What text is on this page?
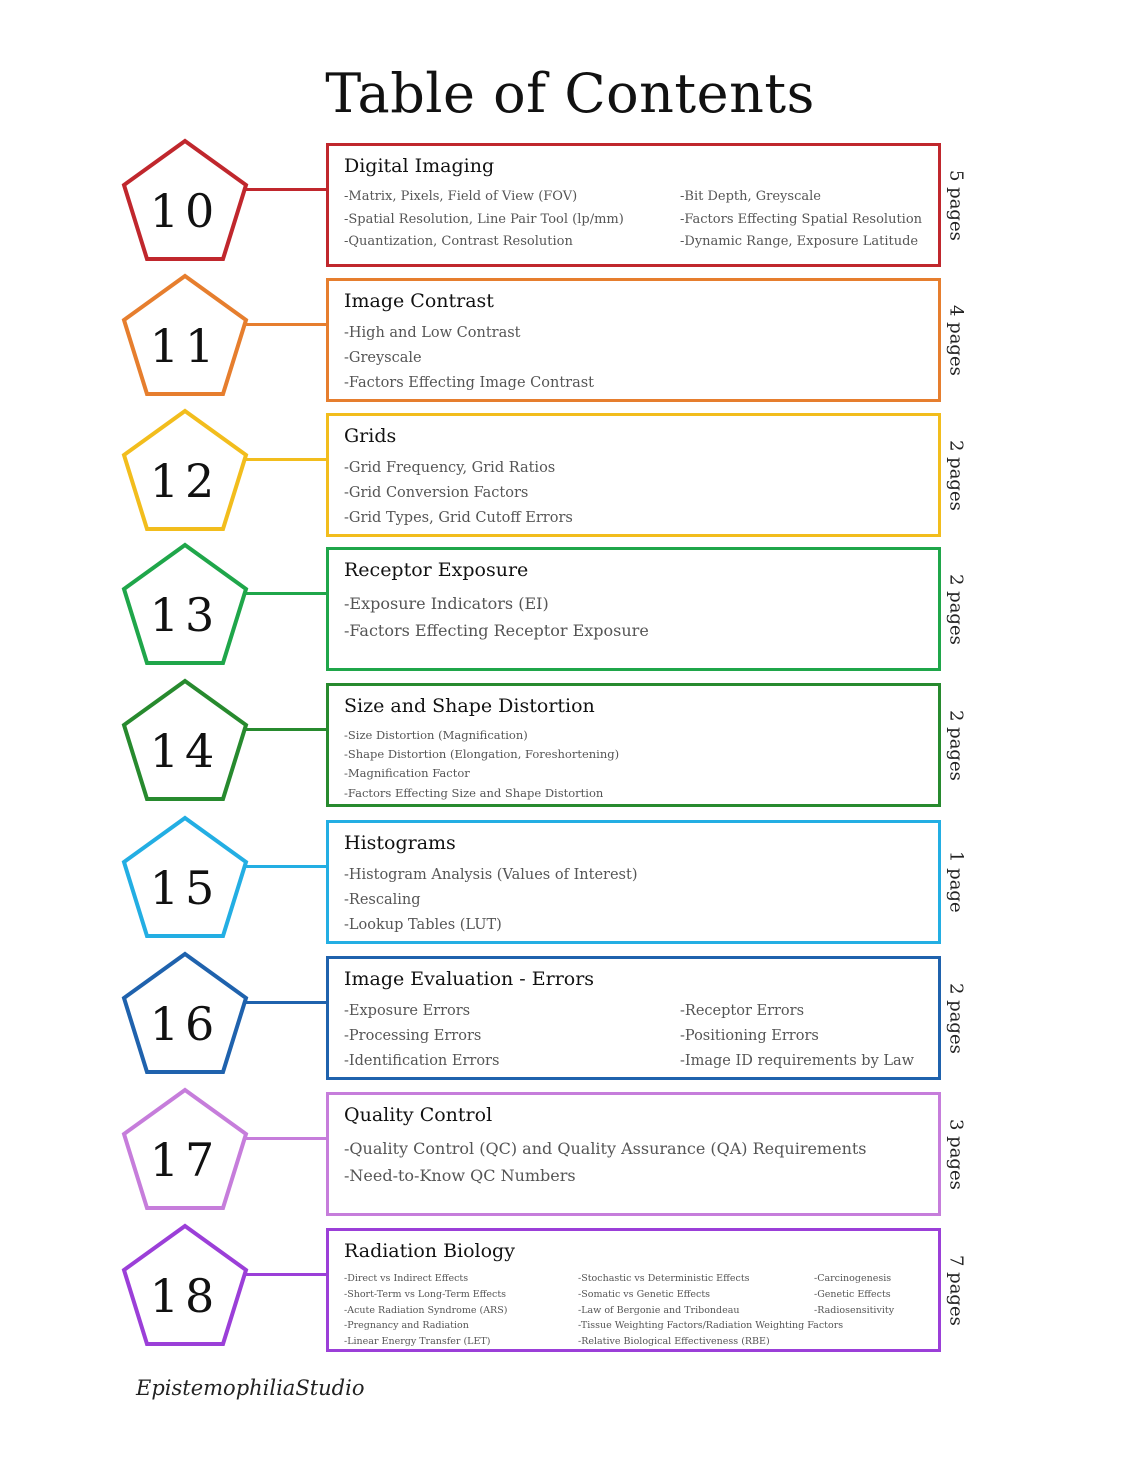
Table of Contents
10
Digital Imaging
-Matrix, Pixels, Field of View (FOV)
-Spatial Resolution, Line Pair Tool (lp/mm)
-Quantization, Contrast Resolution
-Bit Depth, Greyscale
-Factors Effecting Spatial Resolution
-Dynamic Range, Exposure Latitude
5 pages
11
Image Contrast
-High and Low Contrast
-Greyscale
-Factors Effecting Image Contrast
4 pages
12
Grids
-Grid Frequency, Grid Ratios
-Grid Conversion Factors
-Grid Types, Grid Cutoff Errors
2 pages
13
Receptor Exposure
-Exposure Indicators (EI)
-Factors Effecting Receptor Exposure	2 pages
14
Size and Shape Distortion
-Size Distortion (Magnification)
-Shape Distortion (Elongation, Foreshortening)
-Magnification Factor
-Factors Effecting Size and Shape Distortion
2 pages
15
Histograms
-Histogram Analysis (Values of Interest)
-Rescaling
-Lookup Tables (LUT)
1 page
16
Image Evaluation - Errors
-Exposure Errors
-Processing Errors
-Identification Errors
-Receptor Errors
-Positioning Errors
-Image ID requirements by Law
2 pages
17
Quality Control
-Quality Control (QC) and Quality Assurance (QA) Requirements
-Need-to-Know QC Numbers	3 pages
18
Radiation Biology
-Direct vs Indirect Effects
-Short-Term vs Long-Term Effects
-Acute Radiation Syndrome (ARS)
-Pregnancy and Radiation
-Linear Energy Transfer (LET)
-Stochastic vs Deterministic Effects
-Somatic vs Genetic Effects
-Law of Bergonie and Tribondeau
-Tissue Weighting Factors/Radiation Weighting Factors
-Relative Biological Effectiveness (RBE)
-Carcinogenesis
-Genetic Effects
-Radiosensitivity	7 pages
EpistemophiliaStudio
